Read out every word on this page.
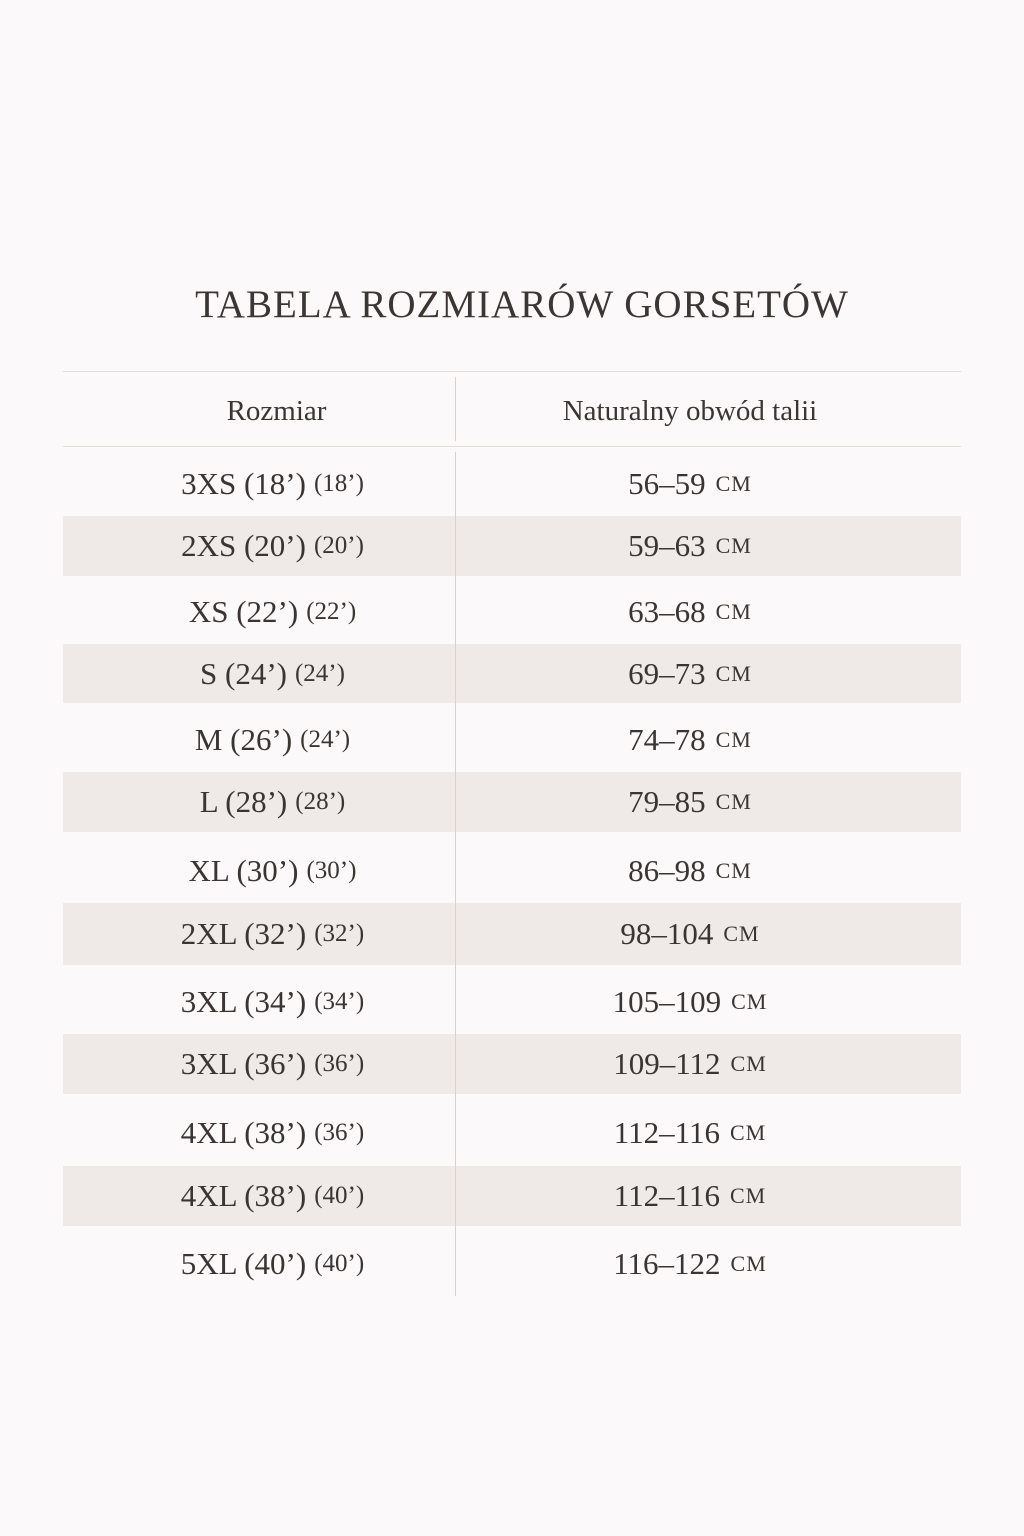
TABELA ROZMIARÓW GORSETÓW
Rozmiar	Naturalny obwód talii
3XS (18’) (18’)	56–59 CM
2XS (20’) (20’)	59–63 CM
XS (22’) (22’)	63–68 CM
S (24’) (24’)	69–73 CM
M (26’) (24’)	74–78 CM
L (28’) (28’)	79–85 CM
XL (30’) (30’)	86–98 CM
2XL (32’) (32’)	98–104 CM
3XL (34’) (34’)	105–109 CM
3XL (36’) (36’)	109–112 CM
4XL (38’) (36’)	112–116 CM
4XL (38’) (40’)	112–116 CM
5XL (40’) (40’)	116–122 CM
